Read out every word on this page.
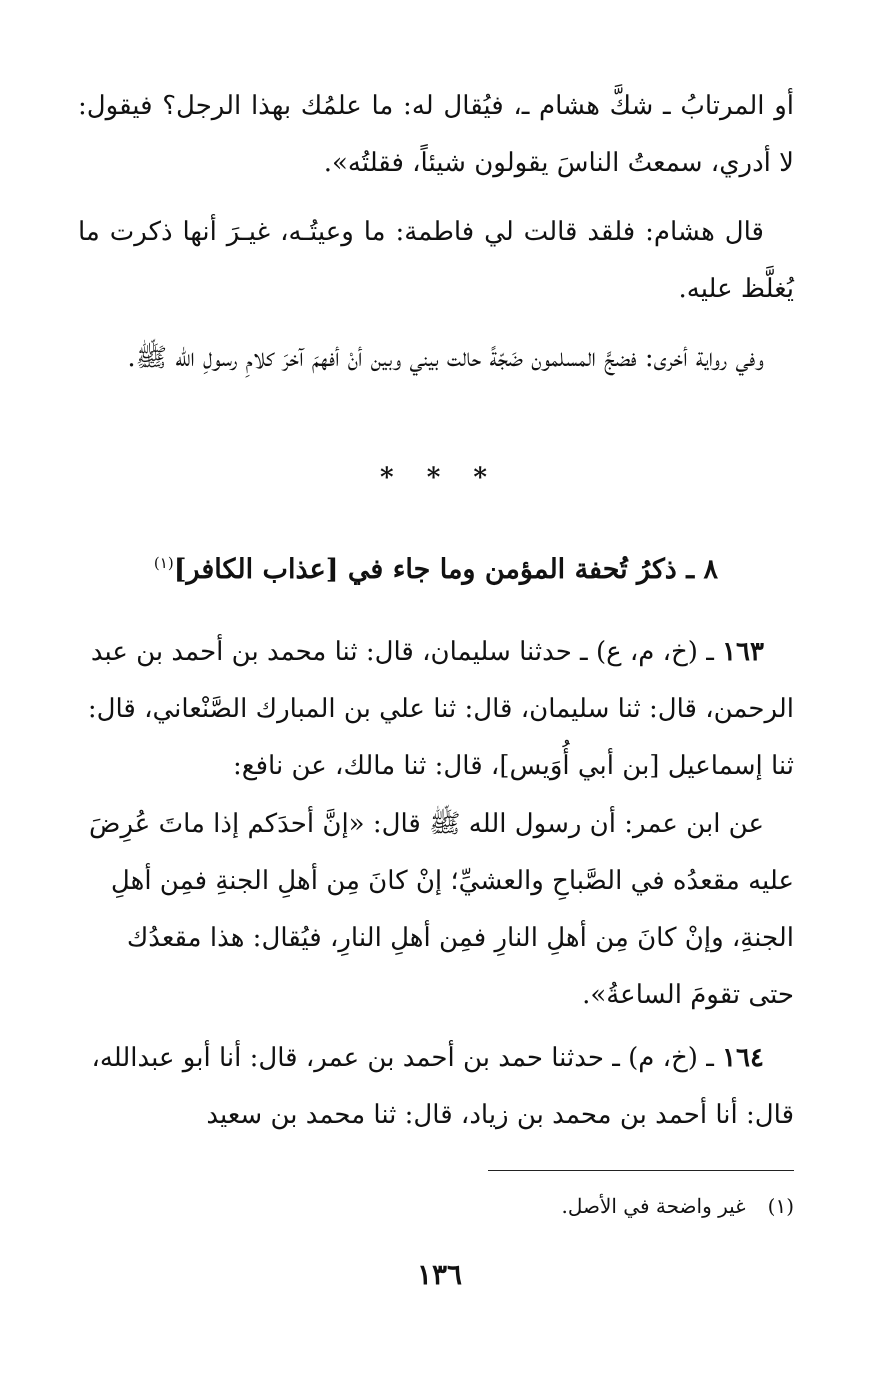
أو المرتابُ ـ شكَّ هشام ـ، فيُقال له: ما علمُك بهذا الرجل؟ فيقول: لا أدري، سمعتُ الناسَ يقولون شيئاً، فقلتُه».

قال هشام: فلقد قالت لي فاطمة: ما وعيتُـه، غيـرَ أنها ذكرت ما يُغلَّظ عليه.

وفي رواية أخرى: فضجَّ المسلمون ضَجّةً حالت بيني وبين أنْ أفهمَ آخرَ كلامِ رسولِ الله ﷺ.

* * *
٨ ـ ذكرُ تُحفة المؤمن وما جاء في [عذاب الكافر]$^{(١)}$

١٦٣ ـ (خ، م، ع) ـ حدثنا سليمان، قال: ثنا محمد بن أحمد بن عبد الرحمن، قال: ثنا سليمان، قال: ثنا علي بن المبارك الصَّنْعاني، قال: ثنا إسماعيل [بن أبي أُوَيس]، قال: ثنا مالك، عن نافع:

عن ابن عمر: أن رسول الله ﷺ قال: «إنَّ أحدَكم إذا ماتَ عُرِضَ عليه مقعدُه في الصَّباحِ والعشيِّ؛ إنْ كانَ مِن أهلِ الجنةِ فمِن أهلِ الجنةِ، وإنْ كانَ مِن أهلِ النارِ فمِن أهلِ النارِ، فيُقال: هذا مقعدُك حتى تقومَ الساعةُ».

١٦٤ ـ (خ، م) ـ حدثنا حمد بن أحمد بن عمر، قال: أنا أبو عبدالله، قال: أنا أحمد بن محمد بن زياد، قال: ثنا محمد بن سعيد

(١)غير واضحة في الأصل.
١٣٦
